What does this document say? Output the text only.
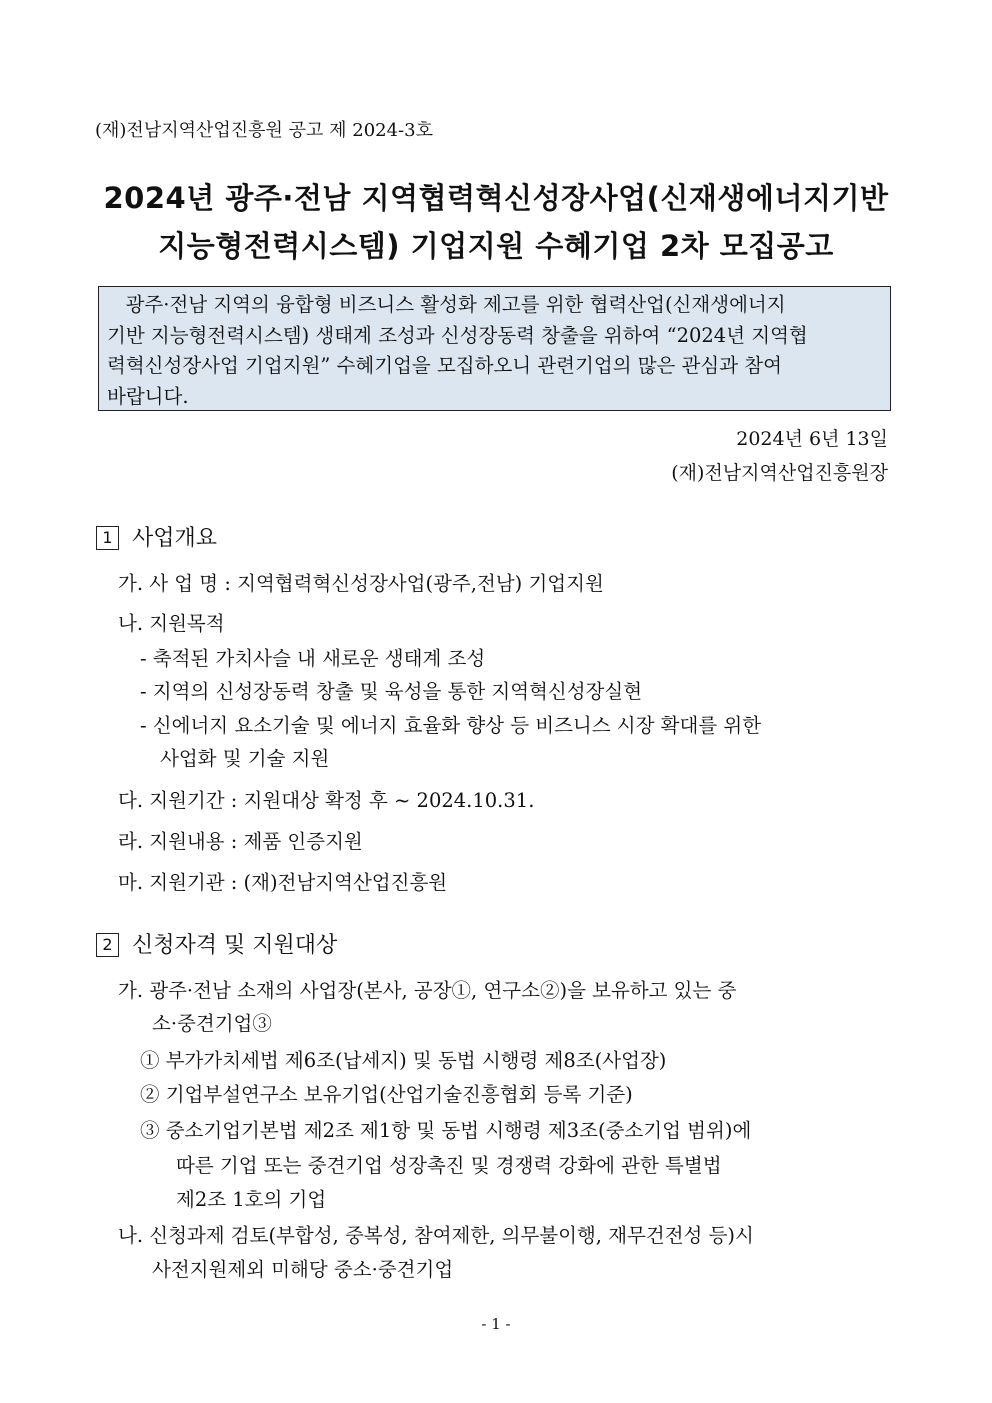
(재)전남지역산업진흥원 공고 제 2024-3호
2024년 광주·전남 지역협력혁신성장사업(신재생에너지기반
지능형전력시스템) 기업지원 수혜기업 2차 모집공고
광주·전남 지역의 융합형 비즈니스 활성화 제고를 위한 협력산업(신재생에너지
기반 지능형전력시스템) 생태계 조성과 신성장동력 창출을 위하여 “2024년 지역협
력혁신성장사업 기업지원” 수혜기업을 모집하오니 관련기업의 많은 관심과 참여
바랍니다.
2024년 6년 13일
(재)전남지역산업진흥원장
1 사업개요
가. 사 업 명 : 지역협력혁신성장사업(광주,전남) 기업지원
나. 지원목적
- 축적된 가치사슬 내 새로운 생태계 조성
- 지역의 신성장동력 창출 및 육성을 통한 지역혁신성장실현
- 신에너지 요소기술 및 에너지 효율화 향상 등 비즈니스 시장 확대를 위한
사업화 및 기술 지원
다. 지원기간 : 지원대상 확정 후 ~ 2024.10.31.
라. 지원내용 : 제품 인증지원
마. 지원기관 : (재)전남지역산업진흥원
2 신청자격 및 지원대상
가. 광주·전남 소재의 사업장(본사, 공장①, 연구소②)을 보유하고 있는 중
소·중견기업③
① 부가가치세법 제6조(납세지) 및 동법 시행령 제8조(사업장)
② 기업부설연구소 보유기업(산업기술진흥협회 등록 기준)
③ 중소기업기본법 제2조 제1항 및 동법 시행령 제3조(중소기업 범위)에
따른 기업 또는 중견기업 성장촉진 및 경쟁력 강화에 관한 특별법
제2조 1호의 기업
나. 신청과제 검토(부합성, 중복성, 참여제한, 의무불이행, 재무건전성 등)시
사전지원제외 미해당 중소·중견기업
- 1 -
